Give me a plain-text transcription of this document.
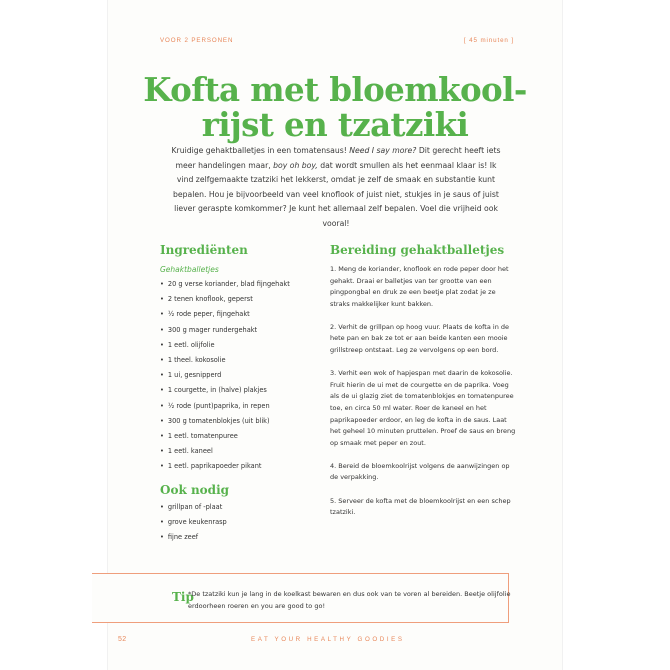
VOOR 2 PERSONEN	[ 45 minuten ]
Kofta met bloemkool-
rijst en tzatziki
Kruidige gehaktballetjes in een tomatensaus! Need I say more? Dit gerecht heeft iets meer handelingen maar, boy oh boy, dat wordt smullen als het eenmaal klaar is! Ik vind zelfgemaakte tzatziki het lekkerst, omdat je zelf de smaak en substantie kunt bepalen. Hou je bijvoorbeeld van veel knoflook of juist niet, stukjes in je saus of juist liever geraspte komkommer? Je kunt het allemaal zelf bepalen. Voel die vrijheid ook vooral!
Ingrediënten
Gehaktballetjes
• 20 g verse koriander, blad fijngehakt
• 2 tenen knoflook, geperst
• ½ rode peper, fijngehakt
• 300 g mager rundergehakt
• 1 eetl. olijfolie
• 1 theel. kokosolie
• 1 ui, gesnipperd
• 1 courgette, in (halve) plakjes
• ½ rode (punt)paprika, in repen
• 300 g tomatenblokjes (uit blik)
• 1 eetl. tomatenpuree
• 1 eetl. kaneel
• 1 eetl. paprikapoeder pikant
Ook nodig
• grillpan of -plaat
• grove keukenrasp
• fijne zeef
Bereiding gehaktballetjes
1. Meng de koriander, knoflook en rode peper door het gehakt. Draai er balletjes van ter grootte van een pingpongbal en druk ze een beetje plat zodat je ze straks makkelijker kunt bakken.
2. Verhit de grillpan op hoog vuur. Plaats de kofta in de hete pan en bak ze tot er aan beide kanten een mooie grillstreep ontstaat. Leg ze vervolgens op een bord.
3. Verhit een wok of hapjespan met daarin de kokosolie. Fruit hierin de ui met de courgette en de paprika. Voeg als de ui glazig ziet de tomatenblokjes en tomatenpuree toe, en circa 50 ml water. Roer de kaneel en het paprikapoeder erdoor, en leg de kofta in de saus. Laat het geheel 10 minuten pruttelen. Proef de saus en breng op smaak met peper en zout.
4. Bereid de bloemkoolrijst volgens de aanwijzingen op de verpakking.
5. Serveer de kofta met de bloemkoolrijst en een schep tzatziki.
Tip
*De tzatziki kun je lang in de koelkast bewaren en dus ook van te voren al bereiden. Beetje olijfolie erdoorheen roeren en you are good to go!
52	EAT YOUR HEALTHY GOODIES
